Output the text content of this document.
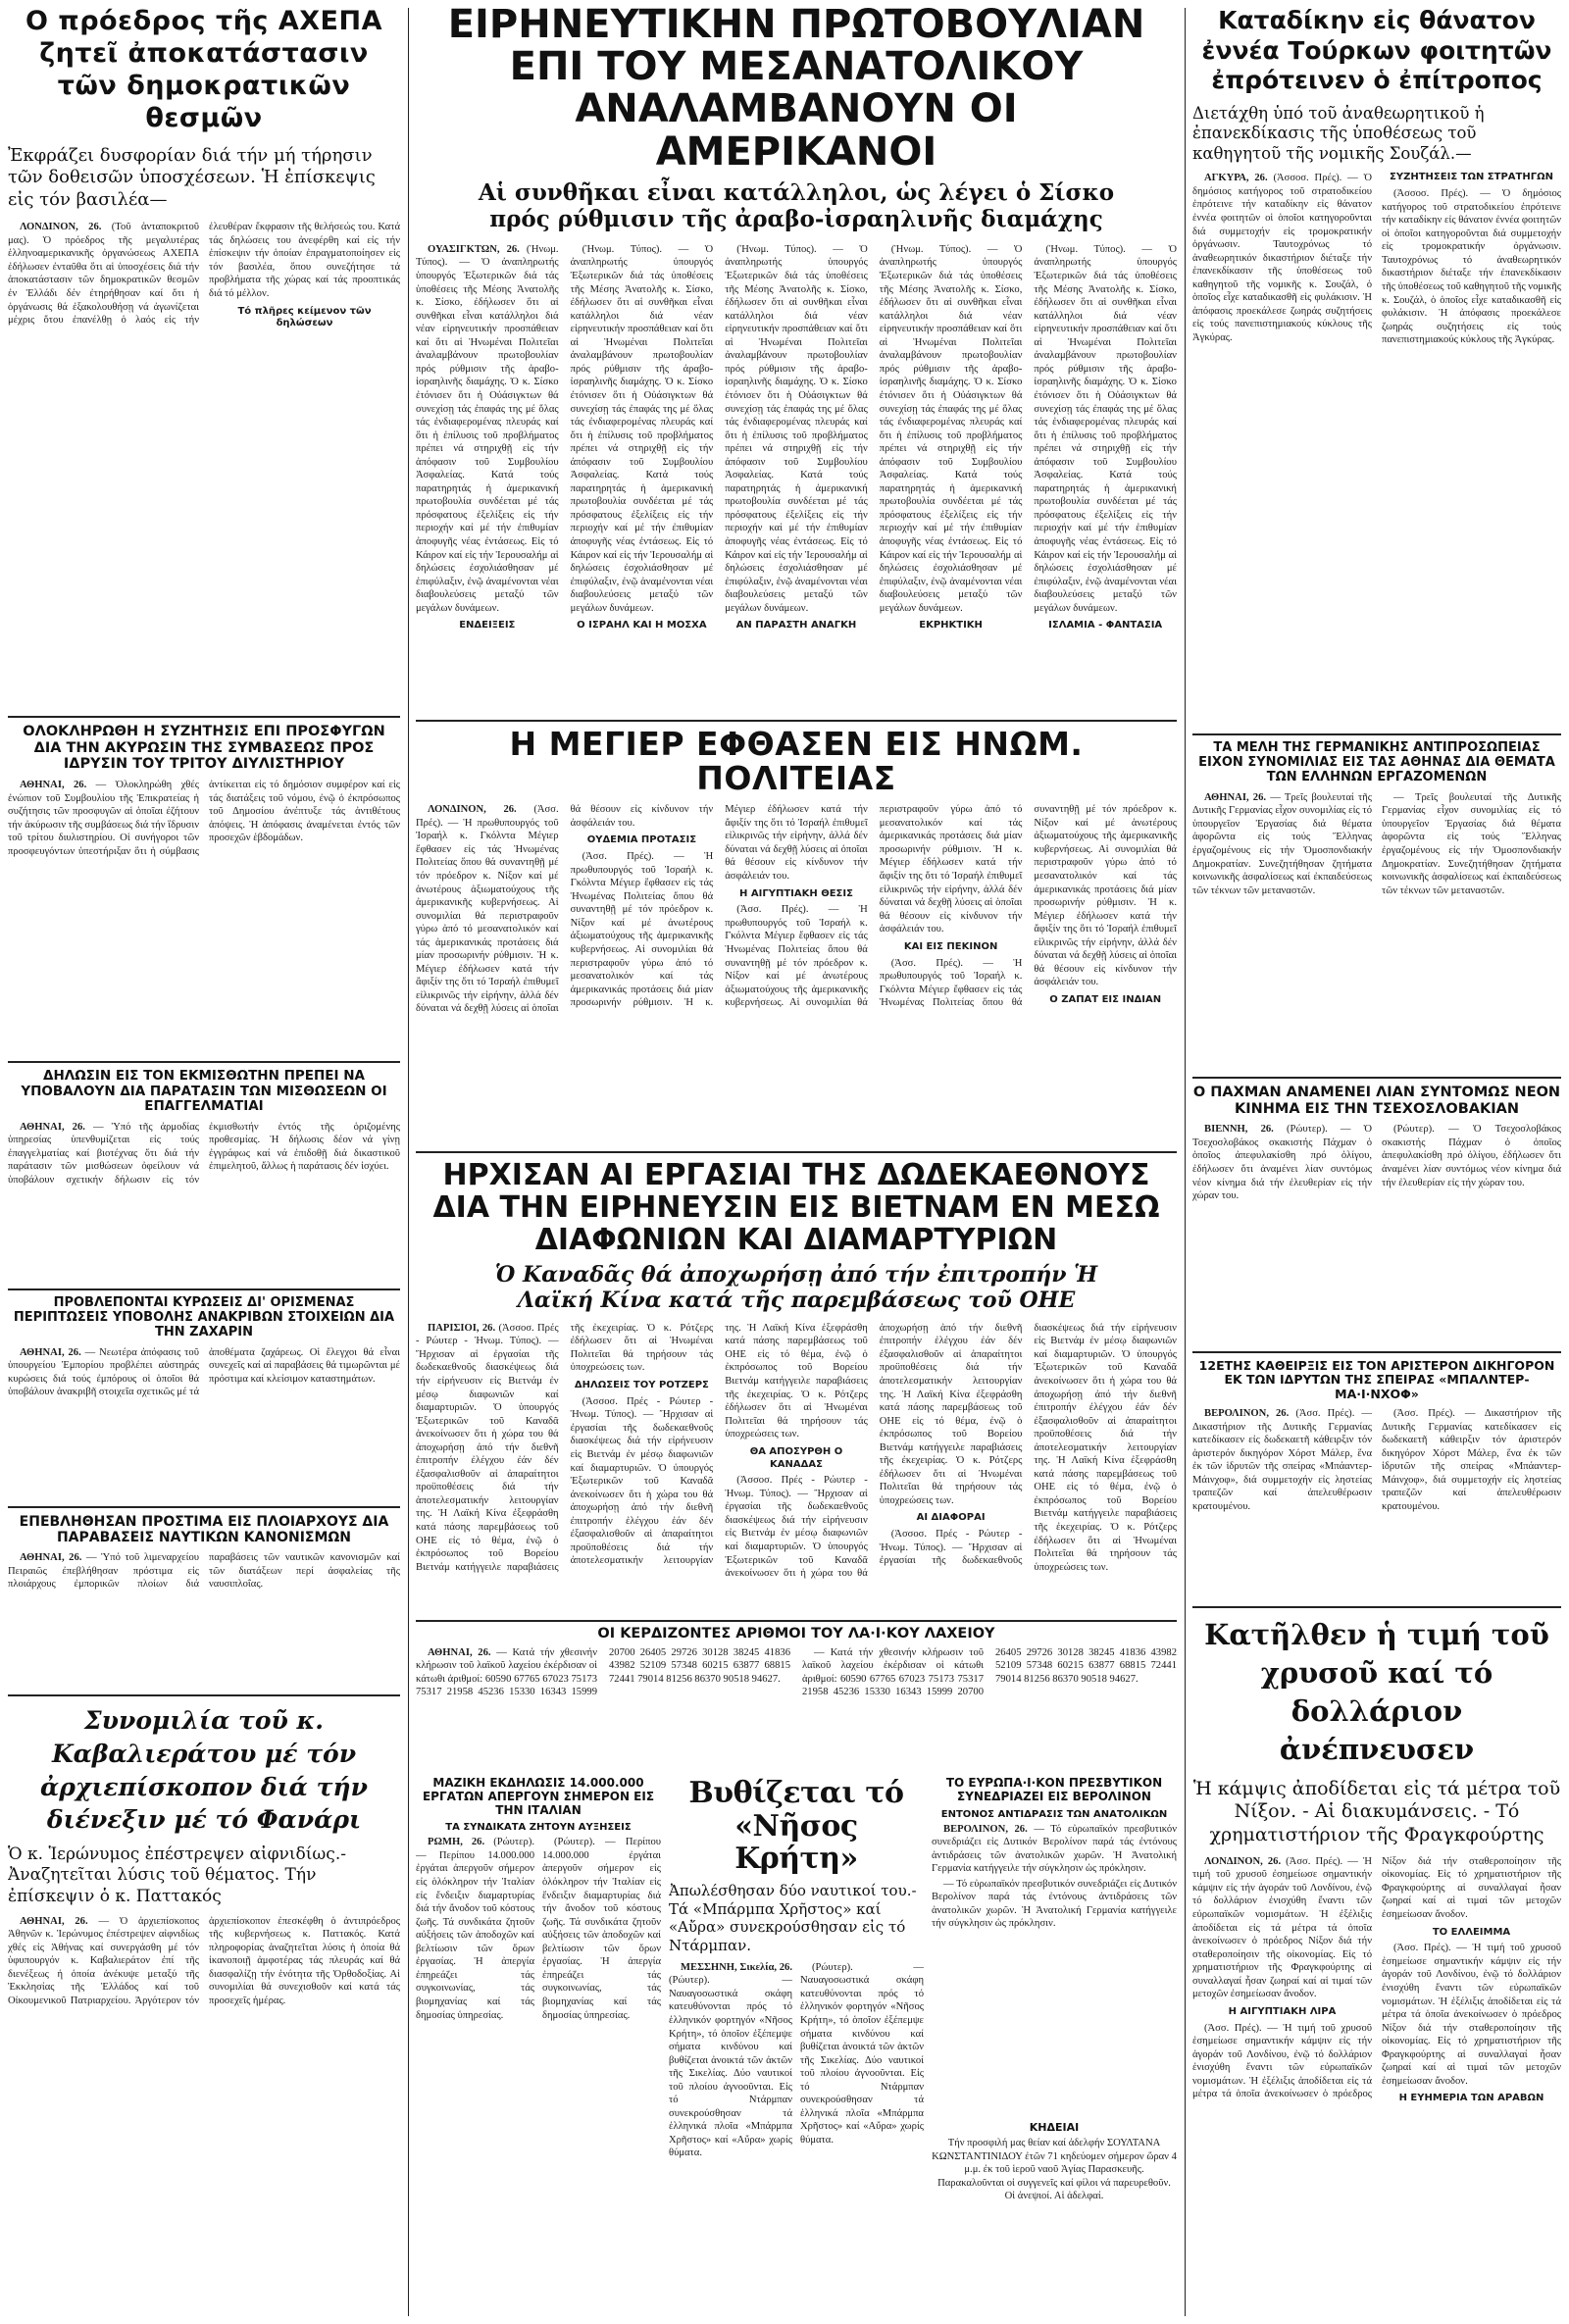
Ο πρόεδρος τῆς ΑΧΕΠΑ ζητεῖ ἀποκατάστασιν τῶν δημοκρατικῶν θεσμῶν
Ἐκφράζει δυσφορίαν διά τήν μή τήρησιν τῶν δοθεισῶν ὑποσχέσεων. Ἡ ἐπίσκεψις εἰς τόν βασιλέα—

ΛΟΝΔΙΝΟΝ, 26. (Τοῦ ἀνταποκριτοῦ μας). Ὁ πρόεδρος τῆς μεγαλυτέρας ἑλληνοαμερικανικῆς ὀργανώσεως ΑΧΕΠΑ ἐδήλωσεν ἐνταῦθα ὅτι αἱ ὑποσχέσεις διά τήν ἀποκατάστασιν τῶν δημοκρατικῶν θεσμῶν ἐν Ἑλλάδι δέν ἐτηρήθησαν καί ὅτι ἡ ὀργάνωσις θά ἐξακολουθήσῃ νά ἀγωνίζεται μέχρις ὅτου ἐπανέλθῃ ὁ λαός εἰς τήν ἐλευθέραν ἔκφρασιν τῆς θελήσεώς του. Κατά τάς δηλώσεις του ἀνεφέρθη καί εἰς τήν ἐπίσκεψιν τήν ὁποίαν ἐπραγματοποίησεν εἰς τόν βασιλέα, ὅπου συνεζήτησε τά προβλήματα τῆς χώρας καί τάς προοπτικάς διά τό μέλλον.

Τό πλῆρες κείμενον τῶν δηλώσεων
ΟΛΟΚΛΗΡΩΘΗ Η ΣΥΖΗΤΗΣΙΣ ΕΠΙ ΠΡΟΣΦΥΓΩΝ ΔΙΑ ΤΗΝ ΑΚΥΡΩΣΙΝ ΤΗΣ ΣΥΜΒΑΣΕΩΣ ΠΡΟΣ ΙΔΡΥΣΙΝ ΤΟΥ ΤΡΙΤΟΥ ΔΙΥΛΙΣΤΗΡΙΟΥ

ΑΘΗΝΑΙ, 26. — Ὁλοκληρώθη χθές ἐνώπιον τοῦ Συμβουλίου τῆς Ἐπικρατείας ἡ συζήτησις τῶν προσφυγῶν αἱ ὁποῖαι ἐζήτουν τήν ἀκύρωσιν τῆς συμβάσεως διά τήν ἵδρυσιν τοῦ τρίτου διυλιστηρίου. Οἱ συνήγοροι τῶν προσφευγόντων ὑπεστήριξαν ὅτι ἡ σύμβασις ἀντίκειται εἰς τό δημόσιον συμφέρον καί εἰς τάς διατάξεις τοῦ νόμου, ἐνῷ ὁ ἐκπρόσωπος τοῦ Δημοσίου ἀνέπτυξε τάς ἀντιθέτους ἀπόψεις. Ἡ ἀπόφασις ἀναμένεται ἐντός τῶν προσεχῶν ἑβδομάδων.

ΔΗΛΩΣΙΝ ΕΙΣ ΤΟΝ ΕΚΜΙΣΘΩΤΗΝ ΠΡΕΠΕΙ ΝΑ ΥΠΟΒΑΛΟΥΝ ΔΙΑ ΠΑΡΑΤΑΣΙΝ ΤΩΝ ΜΙΣΘΩΣΕΩΝ ΟΙ ΕΠΑΓΓΕΛΜΑΤΙΑΙ

ΑΘΗΝΑΙ, 26. — Ὑπό τῆς ἀρμοδίας ὑπηρεσίας ὑπενθυμίζεται εἰς τούς ἐπαγγελματίας καί βιοτέχνας ὅτι διά τήν παράτασιν τῶν μισθώσεων ὀφείλουν νά ὑποβάλουν σχετικήν δήλωσιν εἰς τόν ἐκμισθωτήν ἐντός τῆς ὁριζομένης προθεσμίας. Ἡ δήλωσις δέον νά γίνῃ ἐγγράφως καί νά ἐπιδοθῇ διά δικαστικοῦ ἐπιμελητοῦ, ἄλλως ἡ παράτασις δέν ἰσχύει.

ΠΡΟΒΛΕΠΟΝΤΑΙ ΚΥΡΩΣΕΙΣ ΔΙ' ΟΡΙΣΜΕΝΑΣ ΠΕΡΙΠΤΩΣΕΙΣ ΥΠΟΒΟΛΗΣ ΑΝΑΚΡΙΒΩΝ ΣΤΟΙΧΕΙΩΝ ΔΙΑ ΤΗΝ ΖΑΧΑΡΙΝ

ΑΘΗΝΑΙ, 26. — Νεωτέρα ἀπόφασις τοῦ ὑπουργείου Ἐμπορίου προβλέπει αὐστηράς κυρώσεις διά τούς ἐμπόρους οἱ ὁποῖοι θά ὑποβάλουν ἀνακριβῆ στοιχεῖα σχετικῶς μέ τά ἀποθέματα ζαχάρεως. Οἱ ἔλεγχοι θά εἶναι συνεχεῖς καί αἱ παραβάσεις θά τιμωρῶνται μέ πρόστιμα καί κλείσιμον καταστημάτων.

ΕΠΕΒΛΗΘΗΣΑΝ ΠΡΟΣΤΙΜΑ ΕΙΣ ΠΛΟΙΑΡΧΟΥΣ ΔΙΑ ΠΑΡΑΒΑΣΕΙΣ ΝΑΥΤΙΚΩΝ ΚΑΝΟΝΙΣΜΩΝ

ΑΘΗΝΑΙ, 26. — Ὑπό τοῦ λιμεναρχείου Πειραιῶς ἐπεβλήθησαν πρόστιμα εἰς πλοιάρχους ἐμπορικῶν πλοίων διά παραβάσεις τῶν ναυτικῶν κανονισμῶν καί τῶν διατάξεων περί ἀσφαλείας τῆς ναυσιπλοΐας.

Συνομιλία τοῦ κ. Καβαλιεράτου μέ τόν ἀρχιεπίσκοπον διά τήν διένεξιν μέ τό Φανάρι
Ὁ κ. Ἱερώνυμος ἐπέστρεψεν αἰφνιδίως.- Ἀναζητεῖται λύσις τοῦ θέματος. Τήν ἐπίσκεψιν ὁ κ. Παττακός

ΑΘΗΝΑΙ, 26. — Ὁ ἀρχιεπίσκοπος Ἀθηνῶν κ. Ἱερώνυμος ἐπέστρεψεν αἰφνιδίως χθές εἰς Ἀθήνας καί συνεργάσθη μέ τόν ὑφυπουργόν κ. Καβαλιεράτον ἐπί τῆς διενέξεως ἡ ὁποία ἀνέκυψε μεταξύ τῆς Ἐκκλησίας τῆς Ἑλλάδος καί τοῦ Οἰκουμενικοῦ Πατριαρχείου. Ἀργότερον τόν ἀρχιεπίσκοπον ἐπεσκέφθη ὁ ἀντιπρόεδρος τῆς κυβερνήσεως κ. Παττακός. Κατά πληροφορίας ἀναζητεῖται λύσις ἡ ὁποία θά ἱκανοποιῇ ἀμφοτέρας τάς πλευράς καί θά διασφαλίζῃ τήν ἑνότητα τῆς Ὀρθοδοξίας. Αἱ συνομιλίαι θά συνεχισθοῦν καί κατά τάς προσεχεῖς ἡμέρας.

ΕΙΡΗΝΕΥΤΙΚΗΝ ΠΡΩΤΟΒΟΥΛΙΑΝ ΕΠΙ ΤΟΥ ΜΕΣΑΝΑΤΟΛΙΚΟΥ ΑΝΑΛΑΜΒΑΝΟΥΝ ΟΙ ΑΜΕΡΙΚΑΝΟΙ
Αἱ συνθῆκαι εἶναι κατάλληλοι, ὡς λέγει ὁ Σίσκο πρός ρύθμισιν τῆς ἀραβο-ἰσραηλινῆς διαμάχης

ΟΥΑΣΙΓΚΤΩΝ, 26. (Ἡνωμ. Τύπος). — Ὁ ἀναπληρωτής ὑπουργός Ἐξωτερικῶν διά τάς ὑποθέσεις τῆς Μέσης Ἀνατολῆς κ. Σίσκο, ἐδήλωσεν ὅτι αἱ συνθῆκαι εἶναι κατάλληλοι διά νέαν εἰρηνευτικήν προσπάθειαν καί ὅτι αἱ Ἡνωμέναι Πολιτεῖαι ἀναλαμβάνουν πρωτοβουλίαν πρός ρύθμισιν τῆς ἀραβο-ἰσραηλινῆς διαμάχης. Ὁ κ. Σίσκο ἐτόνισεν ὅτι ἡ Οὐάσιγκτων θά συνεχίσῃ τάς ἐπαφάς της μέ ὅλας τάς ἐνδιαφερομένας πλευράς καί ὅτι ἡ ἐπίλυσις τοῦ προβλήματος πρέπει νά στηριχθῇ εἰς τήν ἀπόφασιν τοῦ Συμβουλίου Ἀσφαλείας. Κατά τούς παρατηρητάς ἡ ἀμερικανική πρωτοβουλία συνδέεται μέ τάς πρόσφατους ἐξελίξεις εἰς τήν περιοχήν καί μέ τήν ἐπιθυμίαν ἀποφυγῆς νέας ἐντάσεως. Εἰς τό Κάιρον καί εἰς τήν Ἱερουσαλήμ αἱ δηλώσεις ἐσχολιάσθησαν μέ ἐπιφύλαξιν, ἐνῷ ἀναμένονται νέαι διαβουλεύσεις μεταξύ τῶν μεγάλων δυνάμεων.

ΕΝΔΕΙΞΕΙΣ

(Ἡνωμ. Τύπος). — Ὁ ἀναπληρωτής ὑπουργός Ἐξωτερικῶν διά τάς ὑποθέσεις τῆς Μέσης Ἀνατολῆς κ. Σίσκο, ἐδήλωσεν ὅτι αἱ συνθῆκαι εἶναι κατάλληλοι διά νέαν εἰρηνευτικήν προσπάθειαν καί ὅτι αἱ Ἡνωμέναι Πολιτεῖαι ἀναλαμβάνουν πρωτοβουλίαν πρός ρύθμισιν τῆς ἀραβο-ἰσραηλινῆς διαμάχης. Ὁ κ. Σίσκο ἐτόνισεν ὅτι ἡ Οὐάσιγκτων θά συνεχίσῃ τάς ἐπαφάς της μέ ὅλας τάς ἐνδιαφερομένας πλευράς καί ὅτι ἡ ἐπίλυσις τοῦ προβλήματος πρέπει νά στηριχθῇ εἰς τήν ἀπόφασιν τοῦ Συμβουλίου Ἀσφαλείας. Κατά τούς παρατηρητάς ἡ ἀμερικανική πρωτοβουλία συνδέεται μέ τάς πρόσφατους ἐξελίξεις εἰς τήν περιοχήν καί μέ τήν ἐπιθυμίαν ἀποφυγῆς νέας ἐντάσεως. Εἰς τό Κάιρον καί εἰς τήν Ἱερουσαλήμ αἱ δηλώσεις ἐσχολιάσθησαν μέ ἐπιφύλαξιν, ἐνῷ ἀναμένονται νέαι διαβουλεύσεις μεταξύ τῶν μεγάλων δυνάμεων.

Ο ΙΣΡΑΗΛ ΚΑΙ Η ΜΟΣΧΑ

(Ἡνωμ. Τύπος). — Ὁ ἀναπληρωτής ὑπουργός Ἐξωτερικῶν διά τάς ὑποθέσεις τῆς Μέσης Ἀνατολῆς κ. Σίσκο, ἐδήλωσεν ὅτι αἱ συνθῆκαι εἶναι κατάλληλοι διά νέαν εἰρηνευτικήν προσπάθειαν καί ὅτι αἱ Ἡνωμέναι Πολιτεῖαι ἀναλαμβάνουν πρωτοβουλίαν πρός ρύθμισιν τῆς ἀραβο-ἰσραηλινῆς διαμάχης. Ὁ κ. Σίσκο ἐτόνισεν ὅτι ἡ Οὐάσιγκτων θά συνεχίσῃ τάς ἐπαφάς της μέ ὅλας τάς ἐνδιαφερομένας πλευράς καί ὅτι ἡ ἐπίλυσις τοῦ προβλήματος πρέπει νά στηριχθῇ εἰς τήν ἀπόφασιν τοῦ Συμβουλίου Ἀσφαλείας. Κατά τούς παρατηρητάς ἡ ἀμερικανική πρωτοβουλία συνδέεται μέ τάς πρόσφατους ἐξελίξεις εἰς τήν περιοχήν καί μέ τήν ἐπιθυμίαν ἀποφυγῆς νέας ἐντάσεως. Εἰς τό Κάιρον καί εἰς τήν Ἱερουσαλήμ αἱ δηλώσεις ἐσχολιάσθησαν μέ ἐπιφύλαξιν, ἐνῷ ἀναμένονται νέαι διαβουλεύσεις μεταξύ τῶν μεγάλων δυνάμεων.

ΑΝ ΠΑΡΑΣΤΗ ΑΝΑΓΚΗ

(Ἡνωμ. Τύπος). — Ὁ ἀναπληρωτής ὑπουργός Ἐξωτερικῶν διά τάς ὑποθέσεις τῆς Μέσης Ἀνατολῆς κ. Σίσκο, ἐδήλωσεν ὅτι αἱ συνθῆκαι εἶναι κατάλληλοι διά νέαν εἰρηνευτικήν προσπάθειαν καί ὅτι αἱ Ἡνωμέναι Πολιτεῖαι ἀναλαμβάνουν πρωτοβουλίαν πρός ρύθμισιν τῆς ἀραβο-ἰσραηλινῆς διαμάχης. Ὁ κ. Σίσκο ἐτόνισεν ὅτι ἡ Οὐάσιγκτων θά συνεχίσῃ τάς ἐπαφάς της μέ ὅλας τάς ἐνδιαφερομένας πλευράς καί ὅτι ἡ ἐπίλυσις τοῦ προβλήματος πρέπει νά στηριχθῇ εἰς τήν ἀπόφασιν τοῦ Συμβουλίου Ἀσφαλείας. Κατά τούς παρατηρητάς ἡ ἀμερικανική πρωτοβουλία συνδέεται μέ τάς πρόσφατους ἐξελίξεις εἰς τήν περιοχήν καί μέ τήν ἐπιθυμίαν ἀποφυγῆς νέας ἐντάσεως. Εἰς τό Κάιρον καί εἰς τήν Ἱερουσαλήμ αἱ δηλώσεις ἐσχολιάσθησαν μέ ἐπιφύλαξιν, ἐνῷ ἀναμένονται νέαι διαβουλεύσεις μεταξύ τῶν μεγάλων δυνάμεων.

ΕΚΡΗΚΤΙΚΗ

(Ἡνωμ. Τύπος). — Ὁ ἀναπληρωτής ὑπουργός Ἐξωτερικῶν διά τάς ὑποθέσεις τῆς Μέσης Ἀνατολῆς κ. Σίσκο, ἐδήλωσεν ὅτι αἱ συνθῆκαι εἶναι κατάλληλοι διά νέαν εἰρηνευτικήν προσπάθειαν καί ὅτι αἱ Ἡνωμέναι Πολιτεῖαι ἀναλαμβάνουν πρωτοβουλίαν πρός ρύθμισιν τῆς ἀραβο-ἰσραηλινῆς διαμάχης. Ὁ κ. Σίσκο ἐτόνισεν ὅτι ἡ Οὐάσιγκτων θά συνεχίσῃ τάς ἐπαφάς της μέ ὅλας τάς ἐνδιαφερομένας πλευράς καί ὅτι ἡ ἐπίλυσις τοῦ προβλήματος πρέπει νά στηριχθῇ εἰς τήν ἀπόφασιν τοῦ Συμβουλίου Ἀσφαλείας. Κατά τούς παρατηρητάς ἡ ἀμερικανική πρωτοβουλία συνδέεται μέ τάς πρόσφατους ἐξελίξεις εἰς τήν περιοχήν καί μέ τήν ἐπιθυμίαν ἀποφυγῆς νέας ἐντάσεως. Εἰς τό Κάιρον καί εἰς τήν Ἱερουσαλήμ αἱ δηλώσεις ἐσχολιάσθησαν μέ ἐπιφύλαξιν, ἐνῷ ἀναμένονται νέαι διαβουλεύσεις μεταξύ τῶν μεγάλων δυνάμεων.

ΙΣΛΑΜΙΑ - ΦΑΝΤΑΣΙΑ
Η ΜΕΓΙΕΡ ΕΦΘΑΣΕΝ ΕΙΣ ΗΝΩΜ. ΠΟΛΙΤΕΙΑΣ

ΛΟΝΔΙΝΟΝ, 26. (Ἀσσ. Πρές). — Ἡ πρωθυπουργός τοῦ Ἰσραήλ κ. Γκόλντα Μέγιερ ἔφθασεν εἰς τάς Ἡνωμένας Πολιτείας ὅπου θά συναντηθῇ μέ τόν πρόεδρον κ. Νίξον καί μέ ἀνωτέρους ἀξιωματούχους τῆς ἀμερικανικῆς κυβερνήσεως. Αἱ συνομιλίαι θά περιστραφοῦν γύρω ἀπό τό μεσανατολικόν καί τάς ἀμερικανικάς προτάσεις διά μίαν προσωρινήν ρύθμισιν. Ἡ κ. Μέγιερ ἐδήλωσεν κατά τήν ἄφιξίν της ὅτι τό Ἰσραήλ ἐπιθυμεῖ εἰλικρινῶς τήν εἰρήνην, ἀλλά δέν δύναται νά δεχθῇ λύσεις αἱ ὁποῖαι θά θέσουν εἰς κίνδυνον τήν ἀσφάλειάν του.

ΟΥΔΕΜΙΑ ΠΡΟΤΑΣΙΣ

(Ἀσσ. Πρές). — Ἡ πρωθυπουργός τοῦ Ἰσραήλ κ. Γκόλντα Μέγιερ ἔφθασεν εἰς τάς Ἡνωμένας Πολιτείας ὅπου θά συναντηθῇ μέ τόν πρόεδρον κ. Νίξον καί μέ ἀνωτέρους ἀξιωματούχους τῆς ἀμερικανικῆς κυβερνήσεως. Αἱ συνομιλίαι θά περιστραφοῦν γύρω ἀπό τό μεσανατολικόν καί τάς ἀμερικανικάς προτάσεις διά μίαν προσωρινήν ρύθμισιν. Ἡ κ. Μέγιερ ἐδήλωσεν κατά τήν ἄφιξίν της ὅτι τό Ἰσραήλ ἐπιθυμεῖ εἰλικρινῶς τήν εἰρήνην, ἀλλά δέν δύναται νά δεχθῇ λύσεις αἱ ὁποῖαι θά θέσουν εἰς κίνδυνον τήν ἀσφάλειάν του.

Η ΑΙΓΥΠΤΙΑΚΗ ΘΕΣΙΣ

(Ἀσσ. Πρές). — Ἡ πρωθυπουργός τοῦ Ἰσραήλ κ. Γκόλντα Μέγιερ ἔφθασεν εἰς τάς Ἡνωμένας Πολιτείας ὅπου θά συναντηθῇ μέ τόν πρόεδρον κ. Νίξον καί μέ ἀνωτέρους ἀξιωματούχους τῆς ἀμερικανικῆς κυβερνήσεως. Αἱ συνομιλίαι θά περιστραφοῦν γύρω ἀπό τό μεσανατολικόν καί τάς ἀμερικανικάς προτάσεις διά μίαν προσωρινήν ρύθμισιν. Ἡ κ. Μέγιερ ἐδήλωσεν κατά τήν ἄφιξίν της ὅτι τό Ἰσραήλ ἐπιθυμεῖ εἰλικρινῶς τήν εἰρήνην, ἀλλά δέν δύναται νά δεχθῇ λύσεις αἱ ὁποῖαι θά θέσουν εἰς κίνδυνον τήν ἀσφάλειάν του.

ΚΑΙ ΕΙΣ ΠΕΚΙΝΟΝ

(Ἀσσ. Πρές). — Ἡ πρωθυπουργός τοῦ Ἰσραήλ κ. Γκόλντα Μέγιερ ἔφθασεν εἰς τάς Ἡνωμένας Πολιτείας ὅπου θά συναντηθῇ μέ τόν πρόεδρον κ. Νίξον καί μέ ἀνωτέρους ἀξιωματούχους τῆς ἀμερικανικῆς κυβερνήσεως. Αἱ συνομιλίαι θά περιστραφοῦν γύρω ἀπό τό μεσανατολικόν καί τάς ἀμερικανικάς προτάσεις διά μίαν προσωρινήν ρύθμισιν. Ἡ κ. Μέγιερ ἐδήλωσεν κατά τήν ἄφιξίν της ὅτι τό Ἰσραήλ ἐπιθυμεῖ εἰλικρινῶς τήν εἰρήνην, ἀλλά δέν δύναται νά δεχθῇ λύσεις αἱ ὁποῖαι θά θέσουν εἰς κίνδυνον τήν ἀσφάλειάν του.

Ο ΖΑΠΑΤ ΕΙΣ ΙΝΔΙΑΝ
ΗΡΧΙΣΑΝ ΑΙ ΕΡΓΑΣΙΑΙ ΤΗΣ ΔΩΔΕΚΑΕΘΝΟΥΣ ΔΙΑ ΤΗΝ ΕΙΡΗΝΕΥΣΙΝ ΕΙΣ ΒΙΕΤΝΑΜ ΕΝ ΜΕΣΩ ΔΙΑΦΩΝΙΩΝ ΚΑΙ ΔΙΑΜΑΡΤΥΡΙΩΝ
Ὁ Καναδᾶς θά ἀποχωρήσῃ ἀπό τήν ἐπιτροπήν Ἡ Λαϊκή Κίνα κατά τῆς παρεμβάσεως τοῦ ΟΗΕ

ΠΑΡΙΣΙΟΙ, 26. (Ἀσσοσ. Πρές - Ρώυτερ - Ἡνωμ. Τύπος). — Ἤρχισαν αἱ ἐργασίαι τῆς δωδεκαεθνοῦς διασκέψεως διά τήν εἰρήνευσιν εἰς Βιετνάμ ἐν μέσῳ διαφωνιῶν καί διαμαρτυριῶν. Ὁ ὑπουργός Ἐξωτερικῶν τοῦ Καναδᾶ ἀνεκοίνωσεν ὅτι ἡ χώρα του θά ἀποχωρήσῃ ἀπό τήν διεθνῆ ἐπιτροπήν ἐλέγχου ἐάν δέν ἐξασφαλισθοῦν αἱ ἀπαραίτητοι προϋποθέσεις διά τήν ἀποτελεσματικήν λειτουργίαν της. Ἡ Λαϊκή Κίνα ἐξεφράσθη κατά πάσης παρεμβάσεως τοῦ ΟΗΕ εἰς τό θέμα, ἐνῷ ὁ ἐκπρόσωπος τοῦ Βορείου Βιετνάμ κατήγγειλε παραβιάσεις τῆς ἐκεχειρίας. Ὁ κ. Ρότζερς ἐδήλωσεν ὅτι αἱ Ἡνωμέναι Πολιτεῖαι θά τηρήσουν τάς ὑποχρεώσεις των.

ΔΗΛΩΣΕΙΣ ΤΟΥ ΡΟΤΖΕΡΣ

(Ἀσσοσ. Πρές - Ρώυτερ - Ἡνωμ. Τύπος). — Ἤρχισαν αἱ ἐργασίαι τῆς δωδεκαεθνοῦς διασκέψεως διά τήν εἰρήνευσιν εἰς Βιετνάμ ἐν μέσῳ διαφωνιῶν καί διαμαρτυριῶν. Ὁ ὑπουργός Ἐξωτερικῶν τοῦ Καναδᾶ ἀνεκοίνωσεν ὅτι ἡ χώρα του θά ἀποχωρήσῃ ἀπό τήν διεθνῆ ἐπιτροπήν ἐλέγχου ἐάν δέν ἐξασφαλισθοῦν αἱ ἀπαραίτητοι προϋποθέσεις διά τήν ἀποτελεσματικήν λειτουργίαν της. Ἡ Λαϊκή Κίνα ἐξεφράσθη κατά πάσης παρεμβάσεως τοῦ ΟΗΕ εἰς τό θέμα, ἐνῷ ὁ ἐκπρόσωπος τοῦ Βορείου Βιετνάμ κατήγγειλε παραβιάσεις τῆς ἐκεχειρίας. Ὁ κ. Ρότζερς ἐδήλωσεν ὅτι αἱ Ἡνωμέναι Πολιτεῖαι θά τηρήσουν τάς ὑποχρεώσεις των.

ΘΑ ΑΠΟΣΥΡΘΗ Ο ΚΑΝΑΔΑΣ

(Ἀσσοσ. Πρές - Ρώυτερ - Ἡνωμ. Τύπος). — Ἤρχισαν αἱ ἐργασίαι τῆς δωδεκαεθνοῦς διασκέψεως διά τήν εἰρήνευσιν εἰς Βιετνάμ ἐν μέσῳ διαφωνιῶν καί διαμαρτυριῶν. Ὁ ὑπουργός Ἐξωτερικῶν τοῦ Καναδᾶ ἀνεκοίνωσεν ὅτι ἡ χώρα του θά ἀποχωρήσῃ ἀπό τήν διεθνῆ ἐπιτροπήν ἐλέγχου ἐάν δέν ἐξασφαλισθοῦν αἱ ἀπαραίτητοι προϋποθέσεις διά τήν ἀποτελεσματικήν λειτουργίαν της. Ἡ Λαϊκή Κίνα ἐξεφράσθη κατά πάσης παρεμβάσεως τοῦ ΟΗΕ εἰς τό θέμα, ἐνῷ ὁ ἐκπρόσωπος τοῦ Βορείου Βιετνάμ κατήγγειλε παραβιάσεις τῆς ἐκεχειρίας. Ὁ κ. Ρότζερς ἐδήλωσεν ὅτι αἱ Ἡνωμέναι Πολιτεῖαι θά τηρήσουν τάς ὑποχρεώσεις των.

ΑΙ ΔΙΑΦΟΡΑΙ

(Ἀσσοσ. Πρές - Ρώυτερ - Ἡνωμ. Τύπος). — Ἤρχισαν αἱ ἐργασίαι τῆς δωδεκαεθνοῦς διασκέψεως διά τήν εἰρήνευσιν εἰς Βιετνάμ ἐν μέσῳ διαφωνιῶν καί διαμαρτυριῶν. Ὁ ὑπουργός Ἐξωτερικῶν τοῦ Καναδᾶ ἀνεκοίνωσεν ὅτι ἡ χώρα του θά ἀποχωρήσῃ ἀπό τήν διεθνῆ ἐπιτροπήν ἐλέγχου ἐάν δέν ἐξασφαλισθοῦν αἱ ἀπαραίτητοι προϋποθέσεις διά τήν ἀποτελεσματικήν λειτουργίαν της. Ἡ Λαϊκή Κίνα ἐξεφράσθη κατά πάσης παρεμβάσεως τοῦ ΟΗΕ εἰς τό θέμα, ἐνῷ ὁ ἐκπρόσωπος τοῦ Βορείου Βιετνάμ κατήγγειλε παραβιάσεις τῆς ἐκεχειρίας. Ὁ κ. Ρότζερς ἐδήλωσεν ὅτι αἱ Ἡνωμέναι Πολιτεῖαι θά τηρήσουν τάς ὑποχρεώσεις των.

ΟΙ ΚΕΡΔΙΖΟΝΤΕΣ ΑΡΙΘΜΟΙ ΤΟΥ ΛΑ·Ι·ΚΟΥ ΛΑΧΕΙΟΥ

ΑΘΗΝΑΙ, 26. — Κατά τήν χθεσινήν κλήρωσιν τοῦ λαϊκοῦ λαχείου ἐκέρδισαν οἱ κάτωθι ἀριθμοί: 60590 67765 67023 75173 75317 21958 45236 15330 16343 15999 20700 26405 29726 30128 38245 41836 43982 52109 57348 60215 63877 68815 72441 79014 81256 86370 90518 94627.

— Κατά τήν χθεσινήν κλήρωσιν τοῦ λαϊκοῦ λαχείου ἐκέρδισαν οἱ κάτωθι ἀριθμοί: 60590 67765 67023 75173 75317 21958 45236 15330 16343 15999 20700 26405 29726 30128 38245 41836 43982 52109 57348 60215 63877 68815 72441 79014 81256 86370 90518 94627.

ΜΑΖΙΚΗ ΕΚΔΗΛΩΣΙΣ 14.000.000 ΕΡΓΑΤΩΝ ΑΠΕΡΓΟΥΝ ΣΗΜΕΡΟΝ ΕΙΣ ΤΗΝ ΙΤΑΛΙΑΝ
ΤΑ ΣΥΝΔΙΚΑΤΑ ΖΗΤΟΥΝ ΑΥΞΗΣΕΙΣ

ΡΩΜΗ, 26. (Ρώυτερ). — Περίπου 14.000.000 ἐργάται ἀπεργοῦν σήμερον εἰς ὁλόκληρον τήν Ἰταλίαν εἰς ἔνδειξιν διαμαρτυρίας διά τήν ἄνοδον τοῦ κόστους ζωῆς. Τά συνδικάτα ζητοῦν αὐξήσεις τῶν ἀποδοχῶν καί βελτίωσιν τῶν ὅρων ἐργασίας. Ἡ ἀπεργία ἐπηρεάζει τάς συγκοινωνίας, τάς βιομηχανίας καί τάς δημοσίας ὑπηρεσίας.

(Ρώυτερ). — Περίπου 14.000.000 ἐργάται ἀπεργοῦν σήμερον εἰς ὁλόκληρον τήν Ἰταλίαν εἰς ἔνδειξιν διαμαρτυρίας διά τήν ἄνοδον τοῦ κόστους ζωῆς. Τά συνδικάτα ζητοῦν αὐξήσεις τῶν ἀποδοχῶν καί βελτίωσιν τῶν ὅρων ἐργασίας. Ἡ ἀπεργία ἐπηρεάζει τάς συγκοινωνίας, τάς βιομηχανίας καί τάς δημοσίας ὑπηρεσίας.

Βυθίζεται τό «Νῆσος Κρήτη»
Ἀπωλέσθησαν δύο ναυτικοί του.- Τά «Μπάρμπα Χρῆστος» καί «Αὔρα» συνεκρούσθησαν εἰς τό Ντάρμπαν.

ΜΕΣΣΗΝΗ, Σικελία, 26. (Ρώυτερ). — Ναυαγοσωστικά σκάφη κατευθύνονται πρός τό ἑλληνικόν φορτηγόν «Νῆσος Κρήτη», τό ὁποῖον ἐξέπεμψε σήματα κινδύνου καί βυθίζεται ἀνοικτά τῶν ἀκτῶν τῆς Σικελίας. Δύο ναυτικοί τοῦ πλοίου ἀγνοοῦνται. Εἰς τό Ντάρμπαν συνεκρούσθησαν τά ἑλληνικά πλοῖα «Μπάρμπα Χρῆστος» καί «Αὔρα» χωρίς θύματα.

(Ρώυτερ). — Ναυαγοσωστικά σκάφη κατευθύνονται πρός τό ἑλληνικόν φορτηγόν «Νῆσος Κρήτη», τό ὁποῖον ἐξέπεμψε σήματα κινδύνου καί βυθίζεται ἀνοικτά τῶν ἀκτῶν τῆς Σικελίας. Δύο ναυτικοί τοῦ πλοίου ἀγνοοῦνται. Εἰς τό Ντάρμπαν συνεκρούσθησαν τά ἑλληνικά πλοῖα «Μπάρμπα Χρῆστος» καί «Αὔρα» χωρίς θύματα.

ΤΟ ΕΥΡΩΠΑ·Ι·ΚΟΝ ΠΡΕΣΒΥΤΙΚΟΝ ΣΥΝΕΔΡΙΑΖΕΙ ΕΙΣ ΒΕΡΟΛΙΝΟΝ
ΕΝΤΟΝΟΣ ΑΝΤΙΔΡΑΣΙΣ ΤΩΝ ΑΝΑΤΟΛΙΚΩΝ

ΒΕΡΟΛΙΝΟΝ, 26. — Τό εὐρωπαϊκόν πρεσβυτικόν συνεδριάζει εἰς Δυτικόν Βερολίνον παρά τάς ἐντόνους ἀντιδράσεις τῶν ἀνατολικῶν χωρῶν. Ἡ Ἀνατολική Γερμανία κατήγγειλε τήν σύγκλησιν ὡς πρόκλησιν.

— Τό εὐρωπαϊκόν πρεσβυτικόν συνεδριάζει εἰς Δυτικόν Βερολίνον παρά τάς ἐντόνους ἀντιδράσεις τῶν ἀνατολικῶν χωρῶν. Ἡ Ἀνατολική Γερμανία κατήγγειλε τήν σύγκλησιν ὡς πρόκλησιν.

ΚΗΔΕΙΑΙ
Τήν προσφιλή μας θείαν καί ἀδελφήν ΣΟΥΛΤΑΝΑ ΚΩΝΣΤΑΝΤΙΝΙΔΟΥ ἐτῶν 71 κηδεύομεν σήμερον ὥραν 4 μ.μ. ἐκ τοῦ ἱεροῦ ναοῦ Ἁγίας Παρασκευῆς. Παρακαλοῦνται οἱ συγγενεῖς καί φίλοι νά παρευρεθοῦν. Οἱ ἀνεψιοί. Αἱ ἀδελφαί.
Καταδίκην εἰς θάνατον ἐννέα Τούρκων φοιτητῶν ἐπρότεινεν ὁ ἐπίτροπος
Διετάχθη ὑπό τοῦ ἀναθεωρητικοῦ ἡ ἐπανεκδίκασις τῆς ὑποθέσεως τοῦ καθηγητοῦ τῆς νομικῆς Σουζάλ.—

ΑΓΚΥΡΑ, 26. (Ἀσσοσ. Πρές). — Ὁ δημόσιος κατήγορος τοῦ στρατοδικείου ἐπρότεινε τήν καταδίκην εἰς θάνατον ἐννέα φοιτητῶν οἱ ὁποῖοι κατηγοροῦνται διά συμμετοχήν εἰς τρομοκρατικήν ὀργάνωσιν. Ταυτοχρόνως τό ἀναθεωρητικόν δικαστήριον διέταξε τήν ἐπανεκδίκασιν τῆς ὑποθέσεως τοῦ καθηγητοῦ τῆς νομικῆς κ. Σουζάλ, ὁ ὁποῖος εἶχε καταδικασθῆ εἰς φυλάκισιν. Ἡ ἀπόφασις προεκάλεσε ζωηράς συζητήσεις εἰς τούς πανεπιστημιακούς κύκλους τῆς Ἀγκύρας.

ΣΥΖΗΤΗΣΕΙΣ ΤΩΝ ΣΤΡΑΤΗΓΩΝ

(Ἀσσοσ. Πρές). — Ὁ δημόσιος κατήγορος τοῦ στρατοδικείου ἐπρότεινε τήν καταδίκην εἰς θάνατον ἐννέα φοιτητῶν οἱ ὁποῖοι κατηγοροῦνται διά συμμετοχήν εἰς τρομοκρατικήν ὀργάνωσιν. Ταυτοχρόνως τό ἀναθεωρητικόν δικαστήριον διέταξε τήν ἐπανεκδίκασιν τῆς ὑποθέσεως τοῦ καθηγητοῦ τῆς νομικῆς κ. Σουζάλ, ὁ ὁποῖος εἶχε καταδικασθῆ εἰς φυλάκισιν. Ἡ ἀπόφασις προεκάλεσε ζωηράς συζητήσεις εἰς τούς πανεπιστημιακούς κύκλους τῆς Ἀγκύρας.

ΤΑ ΜΕΛΗ ΤΗΣ ΓΕΡΜΑΝΙΚΗΣ ΑΝΤΙΠΡΟΣΩΠΕΙΑΣ ΕΙΧΟΝ ΣΥΝΟΜΙΛΙΑΣ ΕΙΣ ΤΑΣ ΑΘΗΝΑΣ ΔΙΑ ΘΕΜΑΤΑ ΤΩΝ ΕΛΛΗΝΩΝ ΕΡΓΑΖΟΜΕΝΩΝ

ΑΘΗΝΑΙ, 26. — Τρεῖς βουλευταί τῆς Δυτικῆς Γερμανίας εἶχον συνομιλίας εἰς τό ὑπουργεῖον Ἐργασίας διά θέματα ἀφορῶντα εἰς τούς Ἕλληνας ἐργαζομένους εἰς τήν Ὁμοσπονδιακήν Δημοκρατίαν. Συνεζητήθησαν ζητήματα κοινωνικῆς ἀσφαλίσεως καί ἐκπαιδεύσεως τῶν τέκνων τῶν μεταναστῶν.

— Τρεῖς βουλευταί τῆς Δυτικῆς Γερμανίας εἶχον συνομιλίας εἰς τό ὑπουργεῖον Ἐργασίας διά θέματα ἀφορῶντα εἰς τούς Ἕλληνας ἐργαζομένους εἰς τήν Ὁμοσπονδιακήν Δημοκρατίαν. Συνεζητήθησαν ζητήματα κοινωνικῆς ἀσφαλίσεως καί ἐκπαιδεύσεως τῶν τέκνων τῶν μεταναστῶν.

Ο ΠΑΧΜΑΝ ΑΝΑΜΕΝΕΙ ΛΙΑΝ ΣΥΝΤΟΜΩΣ ΝΕΟΝ ΚΙΝΗΜΑ ΕΙΣ ΤΗΝ ΤΣΕΧΟΣΛΟΒΑΚΙΑΝ

ΒΙΕΝΝΗ, 26. (Ρώυτερ). — Ὁ Τσεχοσλοβάκος σκακιστής Πάχμαν ὁ ὁποῖος ἀπεφυλακίσθη πρό ὀλίγου, ἐδήλωσεν ὅτι ἀναμένει λίαν συντόμως νέον κίνημα διά τήν ἐλευθερίαν εἰς τήν χώραν του.

(Ρώυτερ). — Ὁ Τσεχοσλοβάκος σκακιστής Πάχμαν ὁ ὁποῖος ἀπεφυλακίσθη πρό ὀλίγου, ἐδήλωσεν ὅτι ἀναμένει λίαν συντόμως νέον κίνημα διά τήν ἐλευθερίαν εἰς τήν χώραν του.

12ΕΤΗΣ ΚΑΘΕΙΡΞΙΣ ΕΙΣ ΤΟΝ ΑΡΙΣΤΕΡΟΝ ΔΙΚΗΓΟΡΟΝ ΕΚ ΤΩΝ ΙΔΡΥΤΩΝ ΤΗΣ ΣΠΕΙΡΑΣ «ΜΠΑΛΝΤΕΡ-ΜΑ·Ι·ΝΧΟΦ»

ΒΕΡΟΛΙΝΟΝ, 26. (Ἀσσ. Πρές). — Δικαστήριον τῆς Δυτικῆς Γερμανίας κατεδίκασεν εἰς δωδεκαετῆ κάθειρξιν τόν ἀριστερόν δικηγόρον Χόρστ Μάλερ, ἕνα ἐκ τῶν ἱδρυτῶν τῆς σπείρας «Μπάαντερ-Μάινχοφ», διά συμμετοχήν εἰς ληστείας τραπεζῶν καί ἀπελευθέρωσιν κρατουμένου.

(Ἀσσ. Πρές). — Δικαστήριον τῆς Δυτικῆς Γερμανίας κατεδίκασεν εἰς δωδεκαετῆ κάθειρξιν τόν ἀριστερόν δικηγόρον Χόρστ Μάλερ, ἕνα ἐκ τῶν ἱδρυτῶν τῆς σπείρας «Μπάαντερ-Μάινχοφ», διά συμμετοχήν εἰς ληστείας τραπεζῶν καί ἀπελευθέρωσιν κρατουμένου.

Κατῆλθεν ἡ τιμή τοῦ χρυσοῦ καί τό δολλάριον ἀνέπνευσεν
Ἡ κάμψις ἀποδίδεται εἰς τά μέτρα τοῦ Νίξον. - Αἱ διακυμάνσεις. - Τό χρηματιστήριον τῆς Φραγκφούρτης

ΛΟΝΔΙΝΟΝ, 26. (Ἀσσ. Πρές). — Ἡ τιμή τοῦ χρυσοῦ ἐσημείωσε σημαντικήν κάμψιν εἰς τήν ἀγοράν τοῦ Λονδίνου, ἐνῷ τό δολλάριον ἐνισχύθη ἔναντι τῶν εὐρωπαϊκῶν νομισμάτων. Ἡ ἐξέλιξις ἀποδίδεται εἰς τά μέτρα τά ὁποῖα ἀνεκοίνωσεν ὁ πρόεδρος Νίξον διά τήν σταθεροποίησιν τῆς οἰκονομίας. Εἰς τό χρηματιστήριον τῆς Φραγκφούρτης αἱ συναλλαγαί ἦσαν ζωηραί καί αἱ τιμαί τῶν μετοχῶν ἐσημείωσαν ἄνοδον.

Η ΑΙΓΥΠΤΙΑΚΗ ΛΙΡΑ

(Ἀσσ. Πρές). — Ἡ τιμή τοῦ χρυσοῦ ἐσημείωσε σημαντικήν κάμψιν εἰς τήν ἀγοράν τοῦ Λονδίνου, ἐνῷ τό δολλάριον ἐνισχύθη ἔναντι τῶν εὐρωπαϊκῶν νομισμάτων. Ἡ ἐξέλιξις ἀποδίδεται εἰς τά μέτρα τά ὁποῖα ἀνεκοίνωσεν ὁ πρόεδρος Νίξον διά τήν σταθεροποίησιν τῆς οἰκονομίας. Εἰς τό χρηματιστήριον τῆς Φραγκφούρτης αἱ συναλλαγαί ἦσαν ζωηραί καί αἱ τιμαί τῶν μετοχῶν ἐσημείωσαν ἄνοδον.

ΤΟ ΕΛΛΕΙΜΜΑ

(Ἀσσ. Πρές). — Ἡ τιμή τοῦ χρυσοῦ ἐσημείωσε σημαντικήν κάμψιν εἰς τήν ἀγοράν τοῦ Λονδίνου, ἐνῷ τό δολλάριον ἐνισχύθη ἔναντι τῶν εὐρωπαϊκῶν νομισμάτων. Ἡ ἐξέλιξις ἀποδίδεται εἰς τά μέτρα τά ὁποῖα ἀνεκοίνωσεν ὁ πρόεδρος Νίξον διά τήν σταθεροποίησιν τῆς οἰκονομίας. Εἰς τό χρηματιστήριον τῆς Φραγκφούρτης αἱ συναλλαγαί ἦσαν ζωηραί καί αἱ τιμαί τῶν μετοχῶν ἐσημείωσαν ἄνοδον.

Η ΕΥΗΜΕΡΙΑ ΤΩΝ ΑΡΑΒΩΝ
